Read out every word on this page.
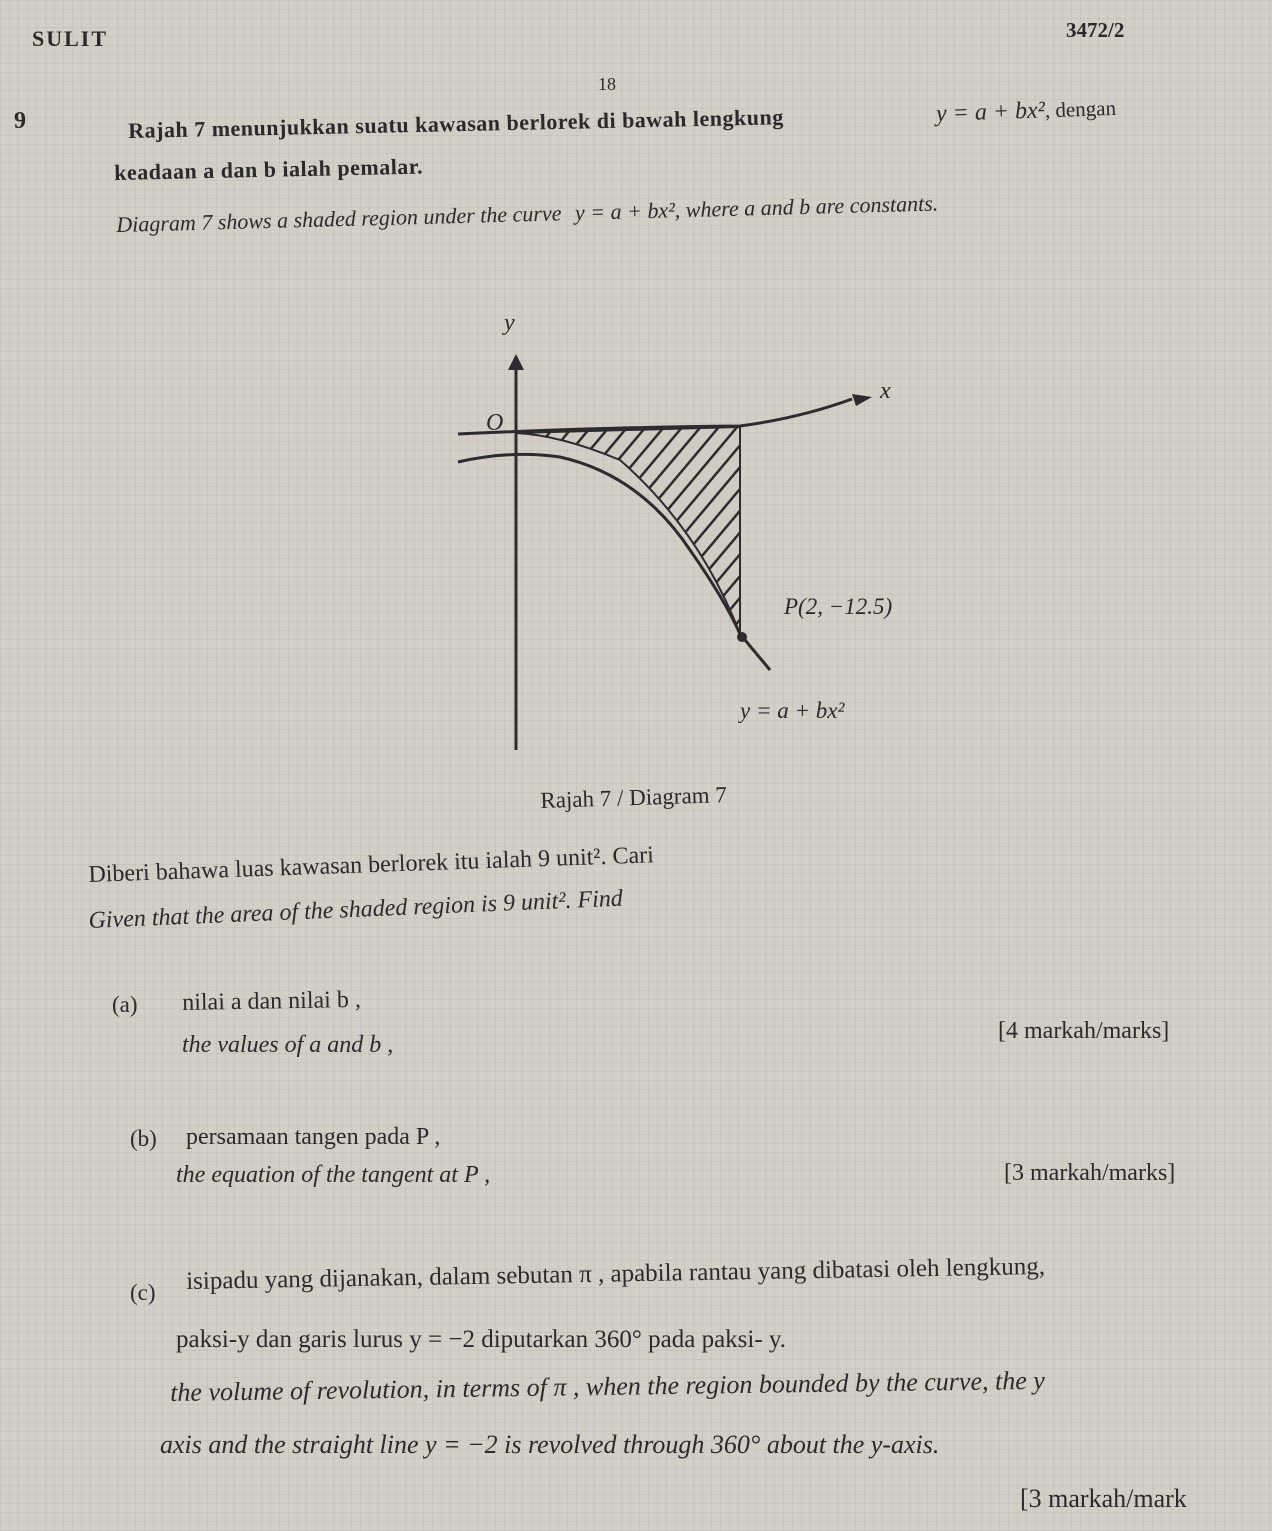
SULIT	3472/2
18
9	Rajah 7 menunjukkan suatu kawasan berlorek di bawah lengkung	y = a + bx², dengan
keadaan a dan b ialah pemalar.
Diagram 7 shows a shaded region under the curve y = a + bx², where a and b are constants.
y
x
O
P(2, −12.5)
y = a + bx²
Rajah 7 / Diagram 7
Diberi bahawa luas kawasan berlorek itu ialah 9 unit². Cari
Given that the area of the shaded region is 9 unit². Find
(a) nilai a dan nilai b ,
the values of a and b ,
[4 markah/marks]
(b) persamaan tangen pada P ,
the equation of the tangent at P ,	[3 markah/marks]
(c) isipadu yang dijanakan, dalam sebutan π , apabila rantau yang dibatasi oleh lengkung,
paksi-y dan garis lurus y = −2 diputarkan 360° pada paksi- y.
the volume of revolution, in terms of π , when the region bounded by the curve, the y
axis and the straight line y = −2 is revolved through 360° about the y-axis.
[3 markah/mark
